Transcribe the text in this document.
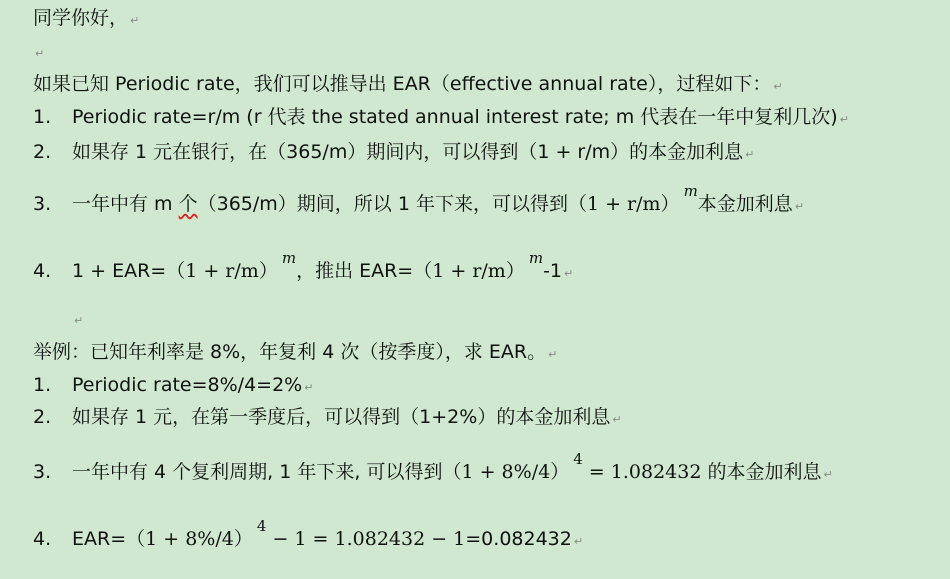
同学你好， ↵
↵
如果已知 Periodic rate，我们可以推导出 EAR（effective annual rate），过程如下： ↵
1. Periodic rate=r/m (r 代表 the stated annual interest rate; m 代表在一年中复利几次) ↵
2. 如果存 1 元在银行，在（365/m）期间内，可以得到（1 + r/m）的本金加利息 ↵
3. 一年中有 m 个（365/m）期间，所以 1 年下来，可以得到$(1 + r/m)^m$本金加利息 ↵
4. $1 + EAR=(1 + r/m)^m$，推出 $EAR=(1 + r/m)^m-1$ ↵
↵
举例：已知年利率是 8%，年复利 4 次（按季度），求 EAR。 ↵
1. Periodic rate=8%/4=2% ↵
2. 如果存 1 元，在第一季度后，可以得到（1+2%）的本金加利息 ↵
3. 一年中有 4 个复利周期, 1 年下来, 可以得到$(1 + 8\%/4)^4 = 1.082432$ 的本金加利息 ↵
4. $EAR=(1 + 8\%/4)^4 - 1 = 1.082432 - 1=0.082432$ ↵
